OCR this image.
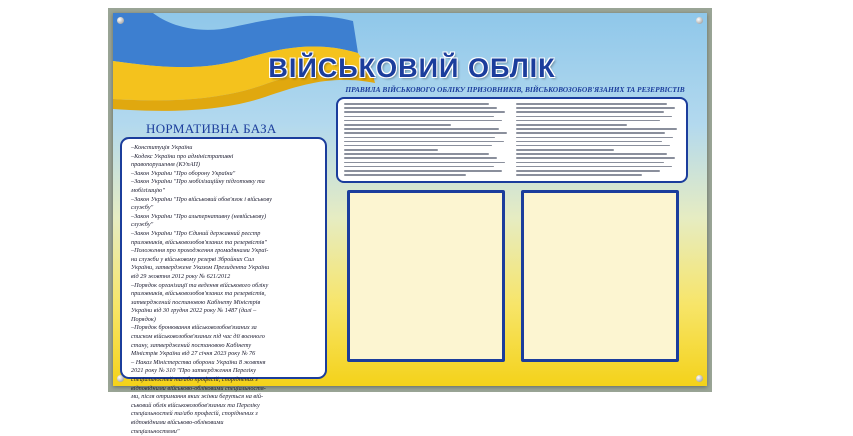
ВІЙСЬКОВИЙ ОБЛІК
ПРАВИЛА ВІЙСЬКОВОГО ОБЛІКУ ПРИЗОВНИКІВ, ВІЙСЬКОВОЗОБОВ'ЯЗАНИХ ТА РЕЗЕРВІСТІВ
НОРМАТИВНА БАЗА
–Конституція України
–Кодекс України про адміністративні
правопорушення (КУпАП)
–Закон України "Про оборону України"
–Закон України "Про мобілізаційну підготовку та
мобілізацію"
–Закон України "Про військовий обов'язок і військову
службу"
–Закон України "Про альтернативну (невійськову)
службу"
–Закон України "Про Єдиний державний реєстр
призовників, військовозобов'язаних та резервістів"
–Положення про проходження громадянами Украї-
ни служби у військовому резерві Збройних Сил
України, затверджене Указом Президента України
від 29 жовтня 2012 року № 621/2012
–Порядок організації та ведення військового обліку
призовників, військовозобов'язаних та резервістів,
затверджений постановою Кабінету Міністрів
України від 30 грудня 2022 року № 1487 (далі –
Порядок)
–Порядок бронювання військовозобов'язаних за
списком військовозобов'язаних під час дії воєнного
стану, затверджений постановою Кабінету
Міністрів України від 27 січня 2023 року № 76
– Наказ Міністерства оборони України 8 жовтня
2021 року № 310 "Про затвердження Переліку
спеціальностей та/або професій, споріднених з
відповідними військово-обліковими спеціальностя-
ми, після отримання яких жінки беруться на вій-
ськовий облік військовозобов'язаних та Переліку
спеціальностей та/або професій, споріднених з
відповідними військово-обліковими
спеціальностями"
